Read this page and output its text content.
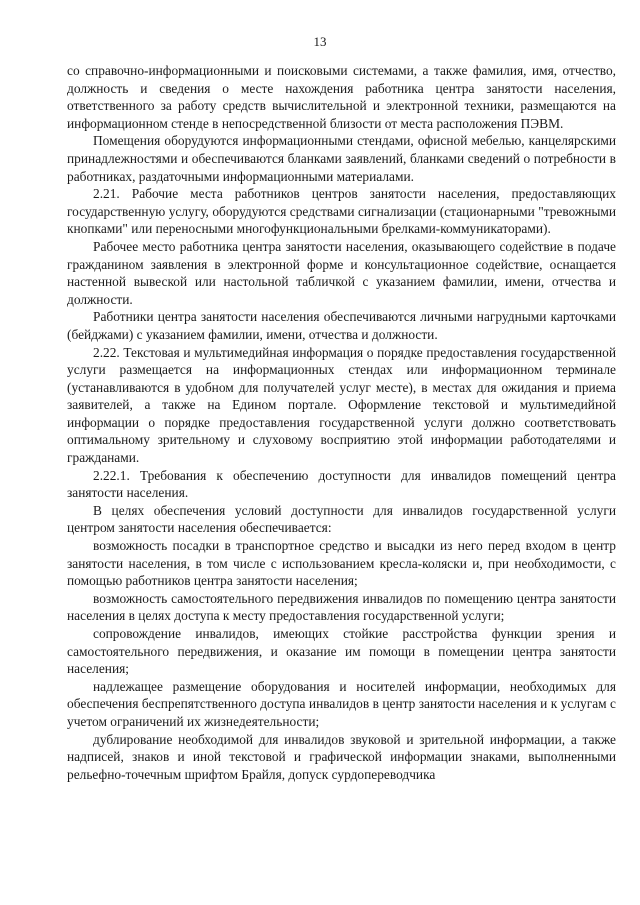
13

со справочно-информационными и поисковыми системами, а также фамилия, имя, отчество, должность и сведения о месте нахождения работника центра занятости населения, ответственного за работу средств вычислительной и электронной техники, размещаются на информационном стенде в непосредственной близости от места расположения ПЭВМ.

Помещения оборудуются информационными стендами, офисной мебелью, канцелярскими принадлежностями и обеспечиваются бланками заявлений, бланками сведений о потребности в работниках, раздаточными информационными материалами.

2.21. Рабочие места работников центров занятости населения, предоставляющих государственную услугу, оборудуются средствами сигнализации (стационарными "тревожными кнопками" или переносными многофункциональными брелками-коммуникаторами).

Рабочее место работника центра занятости населения, оказывающего содействие в подаче гражданином заявления в электронной форме и консультационное содействие, оснащается настенной вывеской или настольной табличкой с указанием фамилии, имени, отчества и должности.

Работники центра занятости населения обеспечиваются личными нагрудными карточками (бейджами) с указанием фамилии, имени, отчества и должности.

2.22. Текстовая и мультимедийная информация о порядке предоставления государственной услуги размещается на информационных стендах или информационном терминале (устанавливаются в удобном для получателей услуг месте), в местах для ожидания и приема заявителей, а также на Едином портале. Оформление текстовой и мультимедийной информации о порядке предоставления государственной услуги должно соответствовать оптимальному зрительному и слуховому восприятию этой информации работодателями и гражданами.

2.22.1. Требования к обеспечению доступности для инвалидов помещений центра занятости населения.

В целях обеспечения условий доступности для инвалидов государственной услуги центром занятости населения обеспечивается:

возможность посадки в транспортное средство и высадки из него перед входом в центр занятости населения, в том числе с использованием кресла-коляски и, при необходимости, с помощью работников центра занятости населения;

возможность самостоятельного передвижения инвалидов по помещению центра занятости населения в целях доступа к месту предоставления государственной услуги;

сопровождение инвалидов, имеющих стойкие расстройства функции зрения и самостоятельного передвижения, и оказание им помощи в помещении центра занятости населения;

надлежащее размещение оборудования и носителей информации, необходимых для обеспечения беспрепятственного доступа инвалидов в центр занятости населения и к услугам с учетом ограничений их жизнедеятельности;

дублирование необходимой для инвалидов звуковой и зрительной информации, а также надписей, знаков и иной текстовой и графической информации знаками, выполненными рельефно-точечным шрифтом Брайля, допуск сурдопереводчика
